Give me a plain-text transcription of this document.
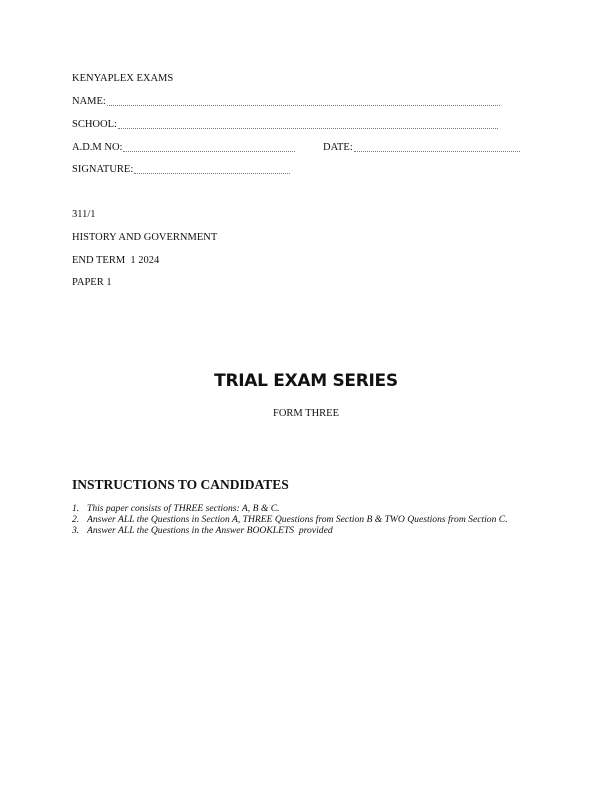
KENYAPLEX EXAMS
NAME:
SCHOOL:
A.D.M NO:	DATE:
SIGNATURE:
311/1
HISTORY AND GOVERNMENT
END TERM  1 2024
PAPER 1
TRIAL EXAM SERIES
FORM THREE
INSTRUCTIONS TO CANDIDATES
1. This paper consists of THREE sections: A, B & C.
2. Answer ALL the Questions in Section A, THREE Questions from Section B & TWO Questions from Section C.
3. Answer ALL the Questions in the Answer BOOKLETS  provided
